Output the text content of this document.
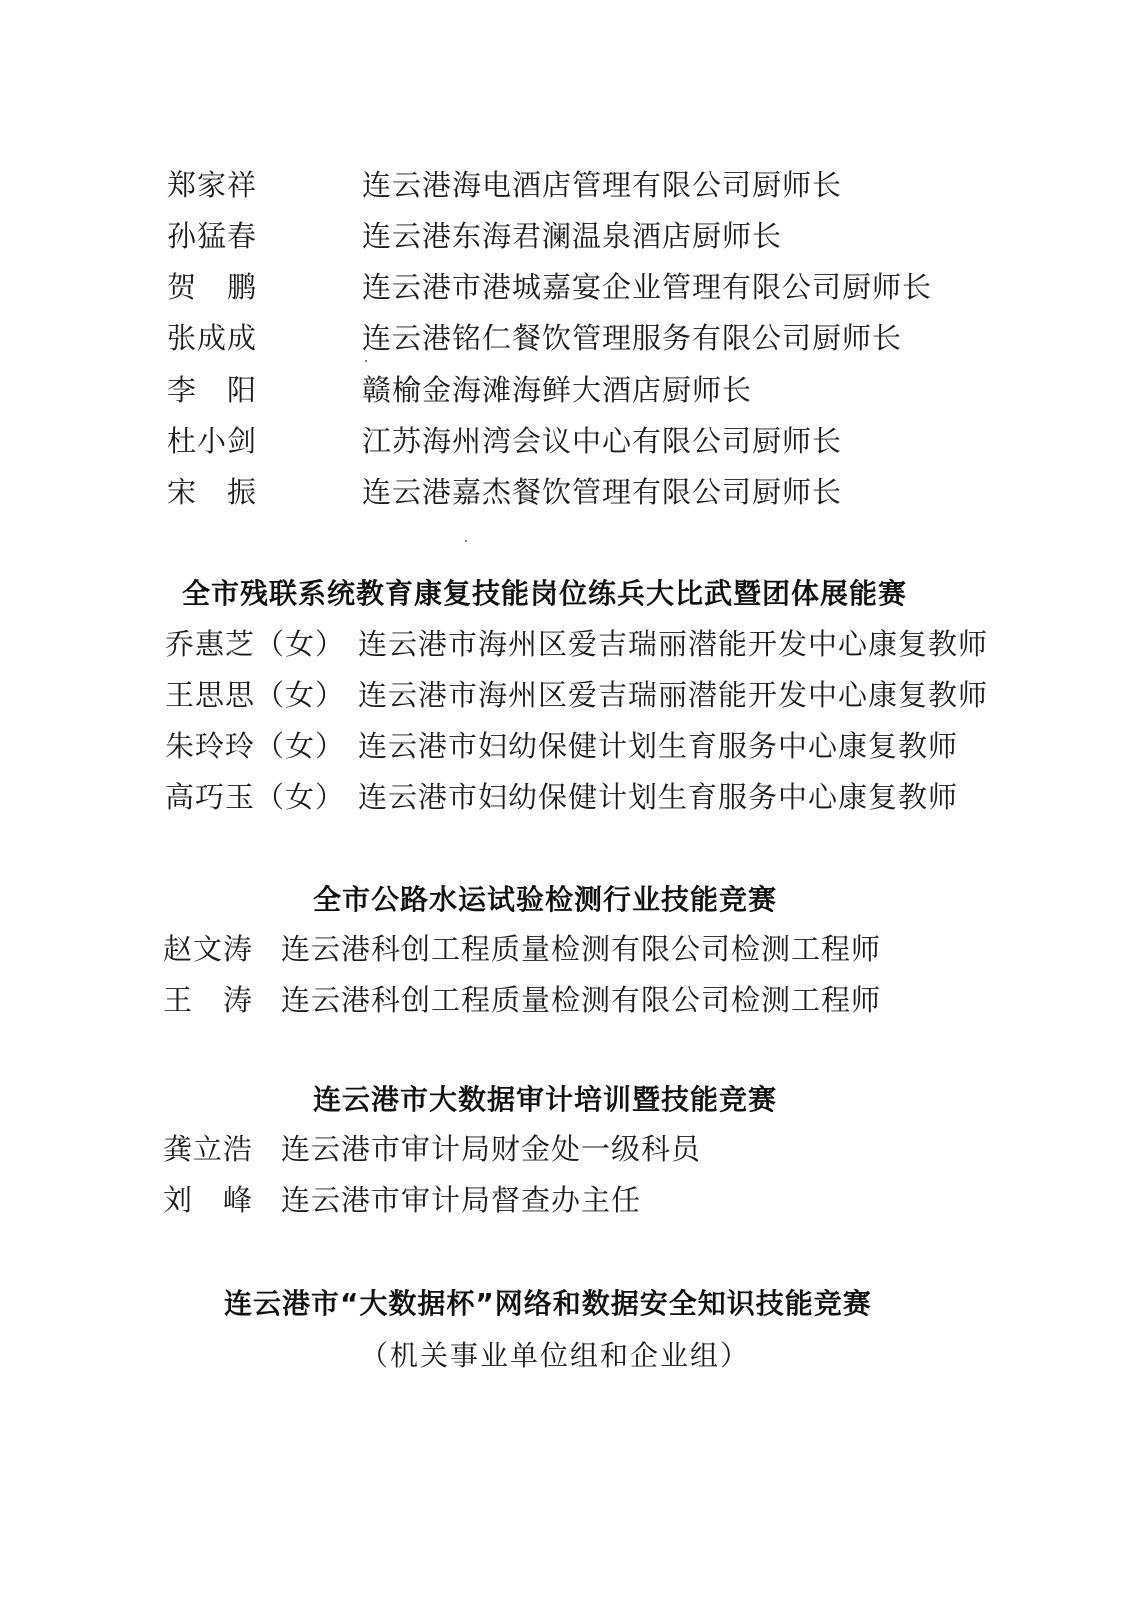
郑家祥	连云港海电酒店管理有限公司厨师长
孙猛春	连云港东海君澜温泉酒店厨师长
贺　鹏	连云港市港城嘉宴企业管理有限公司厨师长
张成成	连云港铭仁餐饮管理服务有限公司厨师长
李　阳	赣榆金海滩海鲜大酒店厨师长
杜小剑	江苏海州湾会议中心有限公司厨师长
宋　振	连云港嘉杰餐饮管理有限公司厨师长
全市残联系统教育康复技能岗位练兵大比武暨团体展能赛
乔惠芝（女） 连云港市海州区爱吉瑞丽潜能开发中心康复教师
王思思（女） 连云港市海州区爱吉瑞丽潜能开发中心康复教师
朱玲玲（女） 连云港市妇幼保健计划生育服务中心康复教师
高巧玉（女） 连云港市妇幼保健计划生育服务中心康复教师
全市公路水运试验检测行业技能竞赛
赵文涛 连云港科创工程质量检测有限公司检测工程师
王　涛 连云港科创工程质量检测有限公司检测工程师
连云港市大数据审计培训暨技能竞赛
龚立浩 连云港市审计局财金处一级科员
刘　峰 连云港市审计局督查办主任
连云港市“大数据杯”网络和数据安全知识技能竞赛
（机关事业单位组和企业组）
